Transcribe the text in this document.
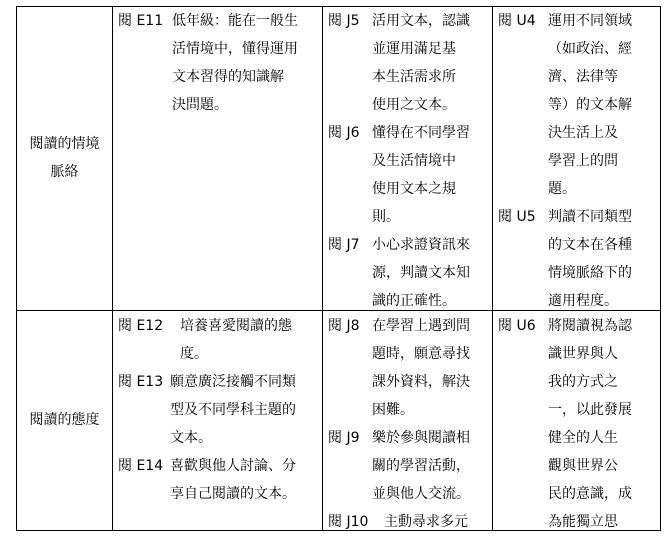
閱讀的情境
脈絡
閱讀的態度
閱 E11 低年級：能在一般生
活情境中，懂得運用
文本習得的知識解
決問題。
閱 J5 活用文本，認識
並運用滿足基
本生活需求所
使用之文本。
閱 J6 懂得在不同學習
及生活情境中
使用文本之規
則。
閱 J7 小心求證資訊來
源，判讀文本知
識的正確性。
閱 U4 運用不同領域
（如政治、經
濟、法律等
等）的文本解
決生活上及
學習上的問
題。
閱 U5 判讀不同類型
的文本在各種
情境脈絡下的
適用程度。
閱 E12 培養喜愛閱讀的態
度。
閱 E13 願意廣泛接觸不同類
型及不同學科主題的
文本。
閱 E14 喜歡與他人討論、分
享自己閱讀的文本。
閱 J8 在學習上遇到問
題時，願意尋找
課外資料，解決
困難。
閱 J9 樂於參與閱讀相
關的學習活動，
並與他人交流。
閱 J10 主動尋求多元
閱 U6 將閱讀視為認
識世界與人
我的方式之
一，以此發展
健全的人生
觀與世界公
民的意識，成
為能獨立思
